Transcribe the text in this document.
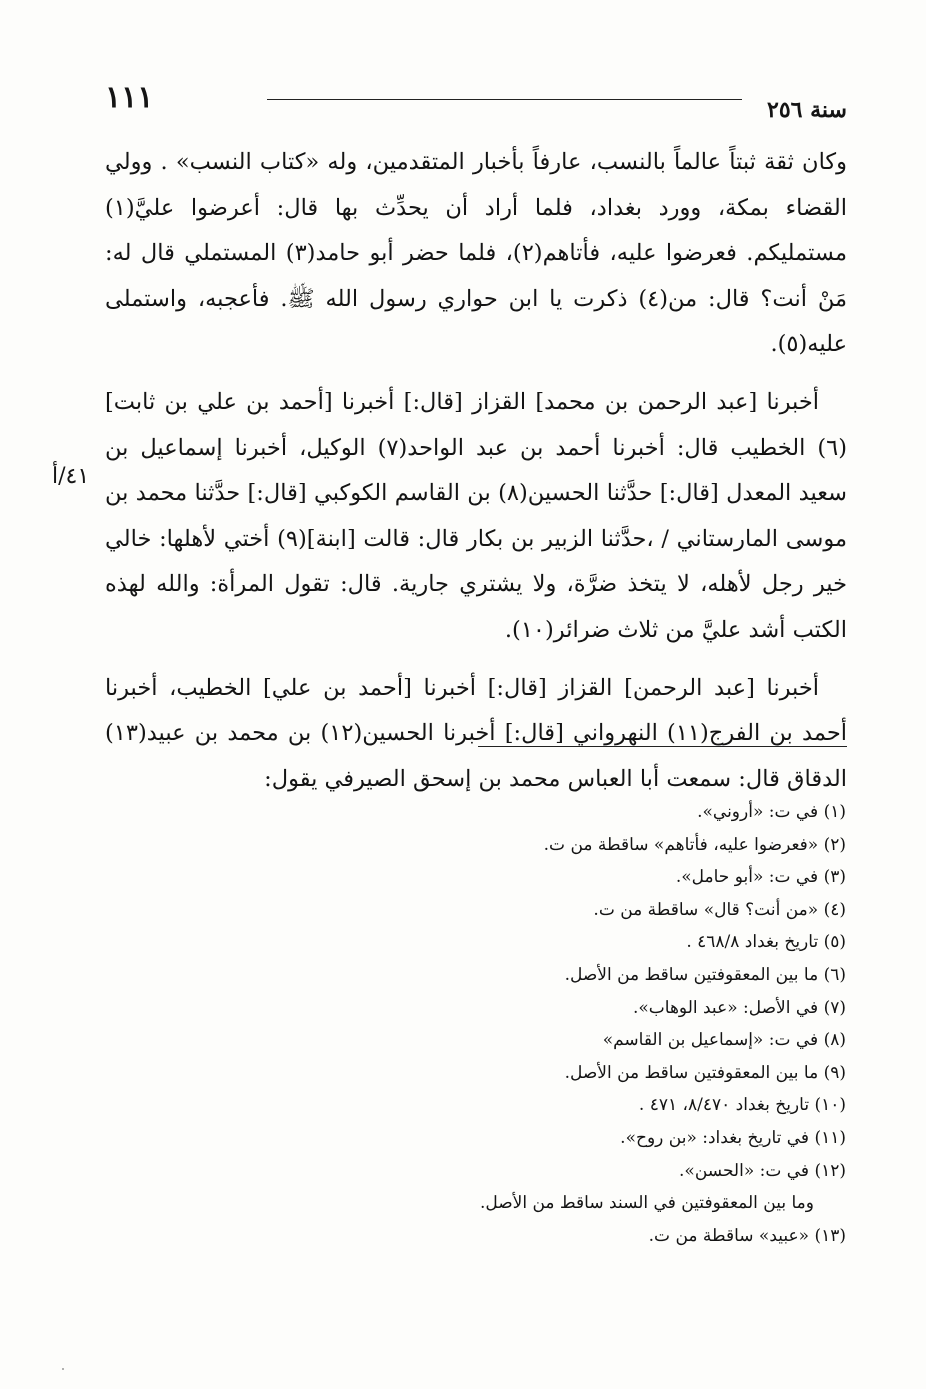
١١١	سنة ٢٥٦

وكان ثقة ثبتاً عالماً بالنسب، عارفاً بأخبار المتقدمين، وله «كتاب النسب» . وولي القضاء بمكة، وورد بغداد، فلما أراد أن يحدِّث بها قال: أعرضوا عليَّ(١) مستمليكم. فعرضوا عليه، فأتاهم(٢)، فلما حضر أبو حامد(٣) المستملي قال له: مَنْ أنت؟ قال: من(٤) ذكرت يا ابن حواري رسول الله ﷺ. فأعجبه، واستملى عليه(٥).

أخبرنا [عبد الرحمن بن محمد] القزاز [قال:] أخبرنا [أحمد بن علي بن ثابت](٦) الخطيب قال: أخبرنا أحمد بن عبد الواحد(٧) الوكيل، أخبرنا إسماعيل بن سعيد المعدل [قال:] حدَّثنا الحسين(٨) بن القاسم الكوكبي [قال:] حدَّثنا محمد بن موسى المارستاني / ،حدَّثنا الزبير بن بكار قال: قالت [ابنة](٩) أختي لأهلها: خالي خير رجل لأهله، لا يتخذ ضرَّة، ولا يشتري جارية. قال: تقول المرأة: والله لهذه الكتب أشد عليَّ من ثلاث ضرائر(١٠).

أخبرنا [عبد الرحمن] القزاز [قال:] أخبرنا [أحمد بن علي] الخطيب، أخبرنا أحمد بن الفرج(١١) النهرواني [قال:] أخبرنا الحسين(١٢) بن محمد بن عبيد(١٣) الدقاق قال: سمعت أبا العباس محمد بن إسحق الصيرفي يقول:

٤١/أ
(١) في ت: «أروني».
(٢) «فعرضوا عليه، فأتاهم» ساقطة من ت.
(٣) في ت: «أبو حامل».
(٤) «من أنت؟ قال» ساقطة من ت.
(٥) تاريخ بغداد ٤٦٨/٨ .
(٦) ما بين المعقوفتين ساقط من الأصل.
(٧) في الأصل: «عبد الوهاب».
(٨) في ت: «إسماعيل بن القاسم»
(٩) ما بين المعقوفتين ساقط من الأصل.
(١٠) تاريخ بغداد ٨/٤٧٠، ٤٧١ .
(١١) في تاريخ بغداد: «بن روح».
(١٢) في ت: «الحسن».
وما بين المعقوفتين في السند ساقط من الأصل.
(١٣) «عبيد» ساقطة من ت.
